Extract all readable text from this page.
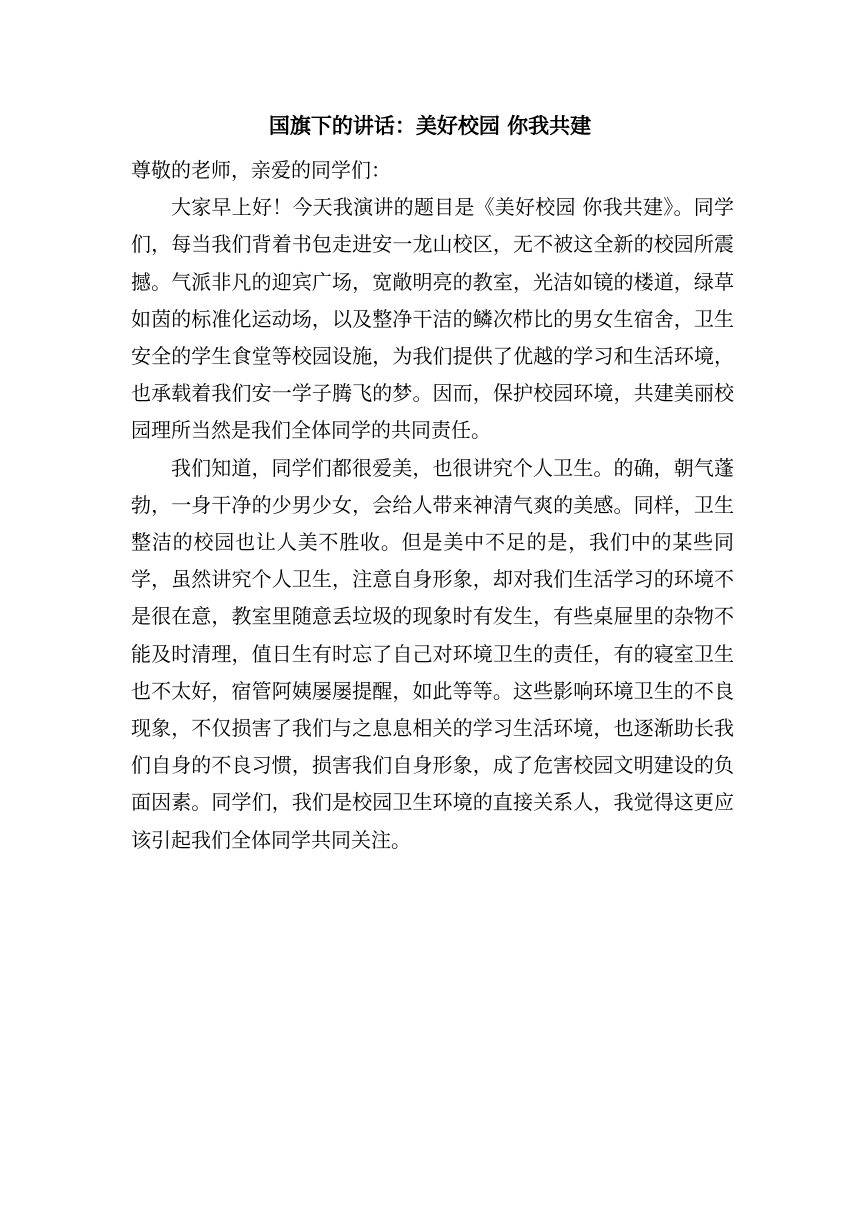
国旗下的讲话：美好校园 你我共建

尊敬的老师，亲爱的同学们：

大家早上好！今天我演讲的题目是《美好校园 你我共建》。同学们，每当我们背着书包走进安一龙山校区，无不被这全新的校园所震撼。气派非凡的迎宾广场，宽敞明亮的教室，光洁如镜的楼道，绿草如茵的标准化运动场，以及整净干洁的鳞次栉比的男女生宿舍，卫生安全的学生食堂等校园设施，为我们提供了优越的学习和生活环境，也承载着我们安一学子腾飞的梦。因而，保护校园环境，共建美丽校园理所当然是我们全体同学的共同责任。

我们知道，同学们都很爱美，也很讲究个人卫生。的确，朝气蓬勃，一身干净的少男少女，会给人带来神清气爽的美感。同样，卫生整洁的校园也让人美不胜收。但是美中不足的是，我们中的某些同学，虽然讲究个人卫生，注意自身形象，却对我们生活学习的环境不是很在意，教室里随意丢垃圾的现象时有发生，有些桌屉里的杂物不能及时清理，值日生有时忘了自己对环境卫生的责任，有的寝室卫生也不太好，宿管阿姨屡屡提醒，如此等等。这些影响环境卫生的不良现象，不仅损害了我们与之息息相关的学习生活环境，也逐渐助长我们自身的不良习惯，损害我们自身形象，成了危害校园文明建设的负面因素。同学们，我们是校园卫生环境的直接关系人，我觉得这更应该引起我们全体同学共同关注。
